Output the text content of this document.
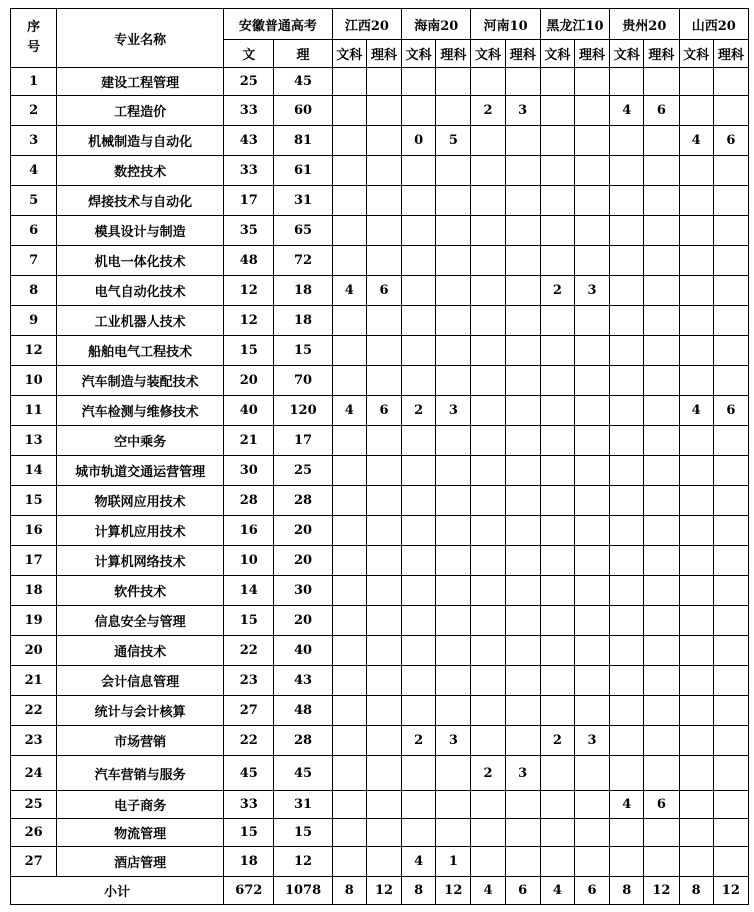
序
号	专业名称	安徽普通高考		江西20		海南20		河南10		黑龙江10		贵州20		山西20	
		文	理	文科	理科	文科	理科	文科	理科	文科	理科	文科	理科	文科	理科
1	建设工程管理	25	45												
2	工程造价	33	60					2	3			4	6		
3	机械制造与自动化	43	81			0	5							4	6
4	数控技术	33	61												
5	焊接技术与自动化	17	31												
6	模具设计与制造	35	65												
7	机电一体化技术	48	72												
8	电气自动化技术	12	18	4	6					2	3				
9	工业机器人技术	12	18												
12	船舶电气工程技术	15	15												
10	汽车制造与装配技术	20	70												
11	汽车检测与维修技术	40	120	4	6	2	3							4	6
13	空中乘务	21	17												
14	城市轨道交通运营管理	30	25												
15	物联网应用技术	28	28												
16	计算机应用技术	16	20												
17	计算机网络技术	10	20												
18	软件技术	14	30												
19	信息安全与管理	15	20												
20	通信技术	22	40												
21	会计信息管理	23	43												
22	统计与会计核算	27	48												
23	市场营销	22	28			2	3			2	3				
24	汽车营销与服务	45	45					2	3						
25	电子商务	33	31									4	6		
26	物流管理	15	15												
27	酒店管理	18	12			4	1								
小计		672	1078	8	12	8	12	4	6	4	6	8	12	8	12
